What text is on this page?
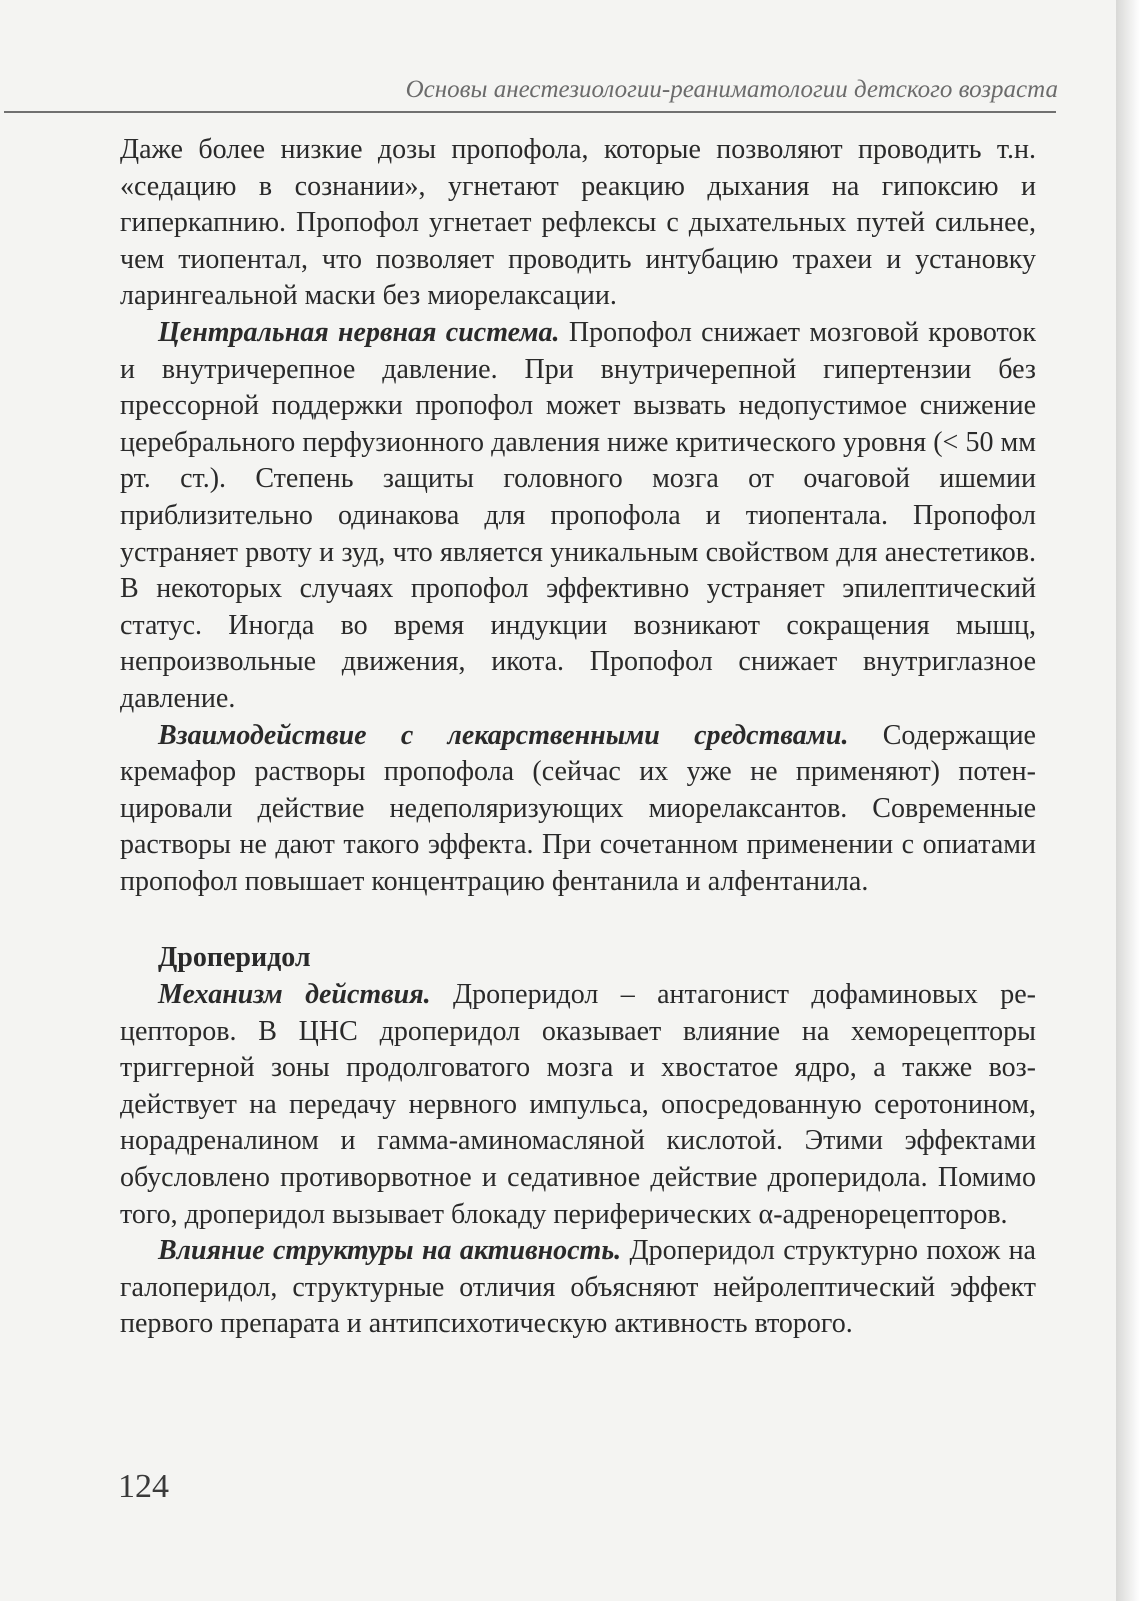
Основы анестезиологии-реаниматологии детского возраста

Даже более низкие дозы пропофола, которые позволяют проводить т.н. «седацию в сознании», угнетают реакцию дыхания на гипоксию и гиперкапнию. Пропофол угнетает рефлексы с дыхательных путей сильнее, чем тиопентал, что позволяет проводить интубацию трахеи и установку ларингеальной маски без миорелаксации.

Центральная нервная система. Пропофол снижает мозговой кровоток и внутричерепное давление. При внутричерепной гипертензии без прессорной поддержки пропофол может вызвать недопустимое снижение церебрального перфузионного давления ниже критического уровня (< 50 мм рт. ст.). Степень защиты головного мозга от очаговой ишемии приблизительно одинакова для пропофола и тиопентала. Пропофол устраняет рвоту и зуд, что является уникальным свойством для анестетиков. В некоторых случаях пропофол эффективно устраняет эпилептический статус. Иногда во время индукции возникают сокращения мышц, непроизвольные движения, икота. Пропофол снижает внутриглазное давление.

Взаимодействие с лекарственными средствами. Содержащие кремафор растворы пропофола (сейчас их уже не применяют) потенцировали действие недеполяризующих миорелаксантов. Современные растворы не дают такого эффекта. При сочетанном применении с опиатами пропофол повышает концентрацию фентанила и алфентанила.

Дроперидол

Механизм действия. Дроперидол – антагонист дофаминовых рецепторов. В ЦНС дроперидол оказывает влияние на хеморецепторы триггерной зоны продолговатого мозга и хвостатое ядро, а также воздействует на передачу нервного импульса, опосредованную серотонином, норадреналином и гамма-аминомасляной кислотой. Этими эффектами обусловлено противорвотное и седативное действие дроперидола. Помимо того, дроперидол вызывает блокаду периферических α-адренорецепторов.

Влияние структуры на активность. Дроперидол структурно похож на галоперидол, структурные отличия объясняют нейролептический эффект первого препарата и антипсихотическую активность второго.

124
